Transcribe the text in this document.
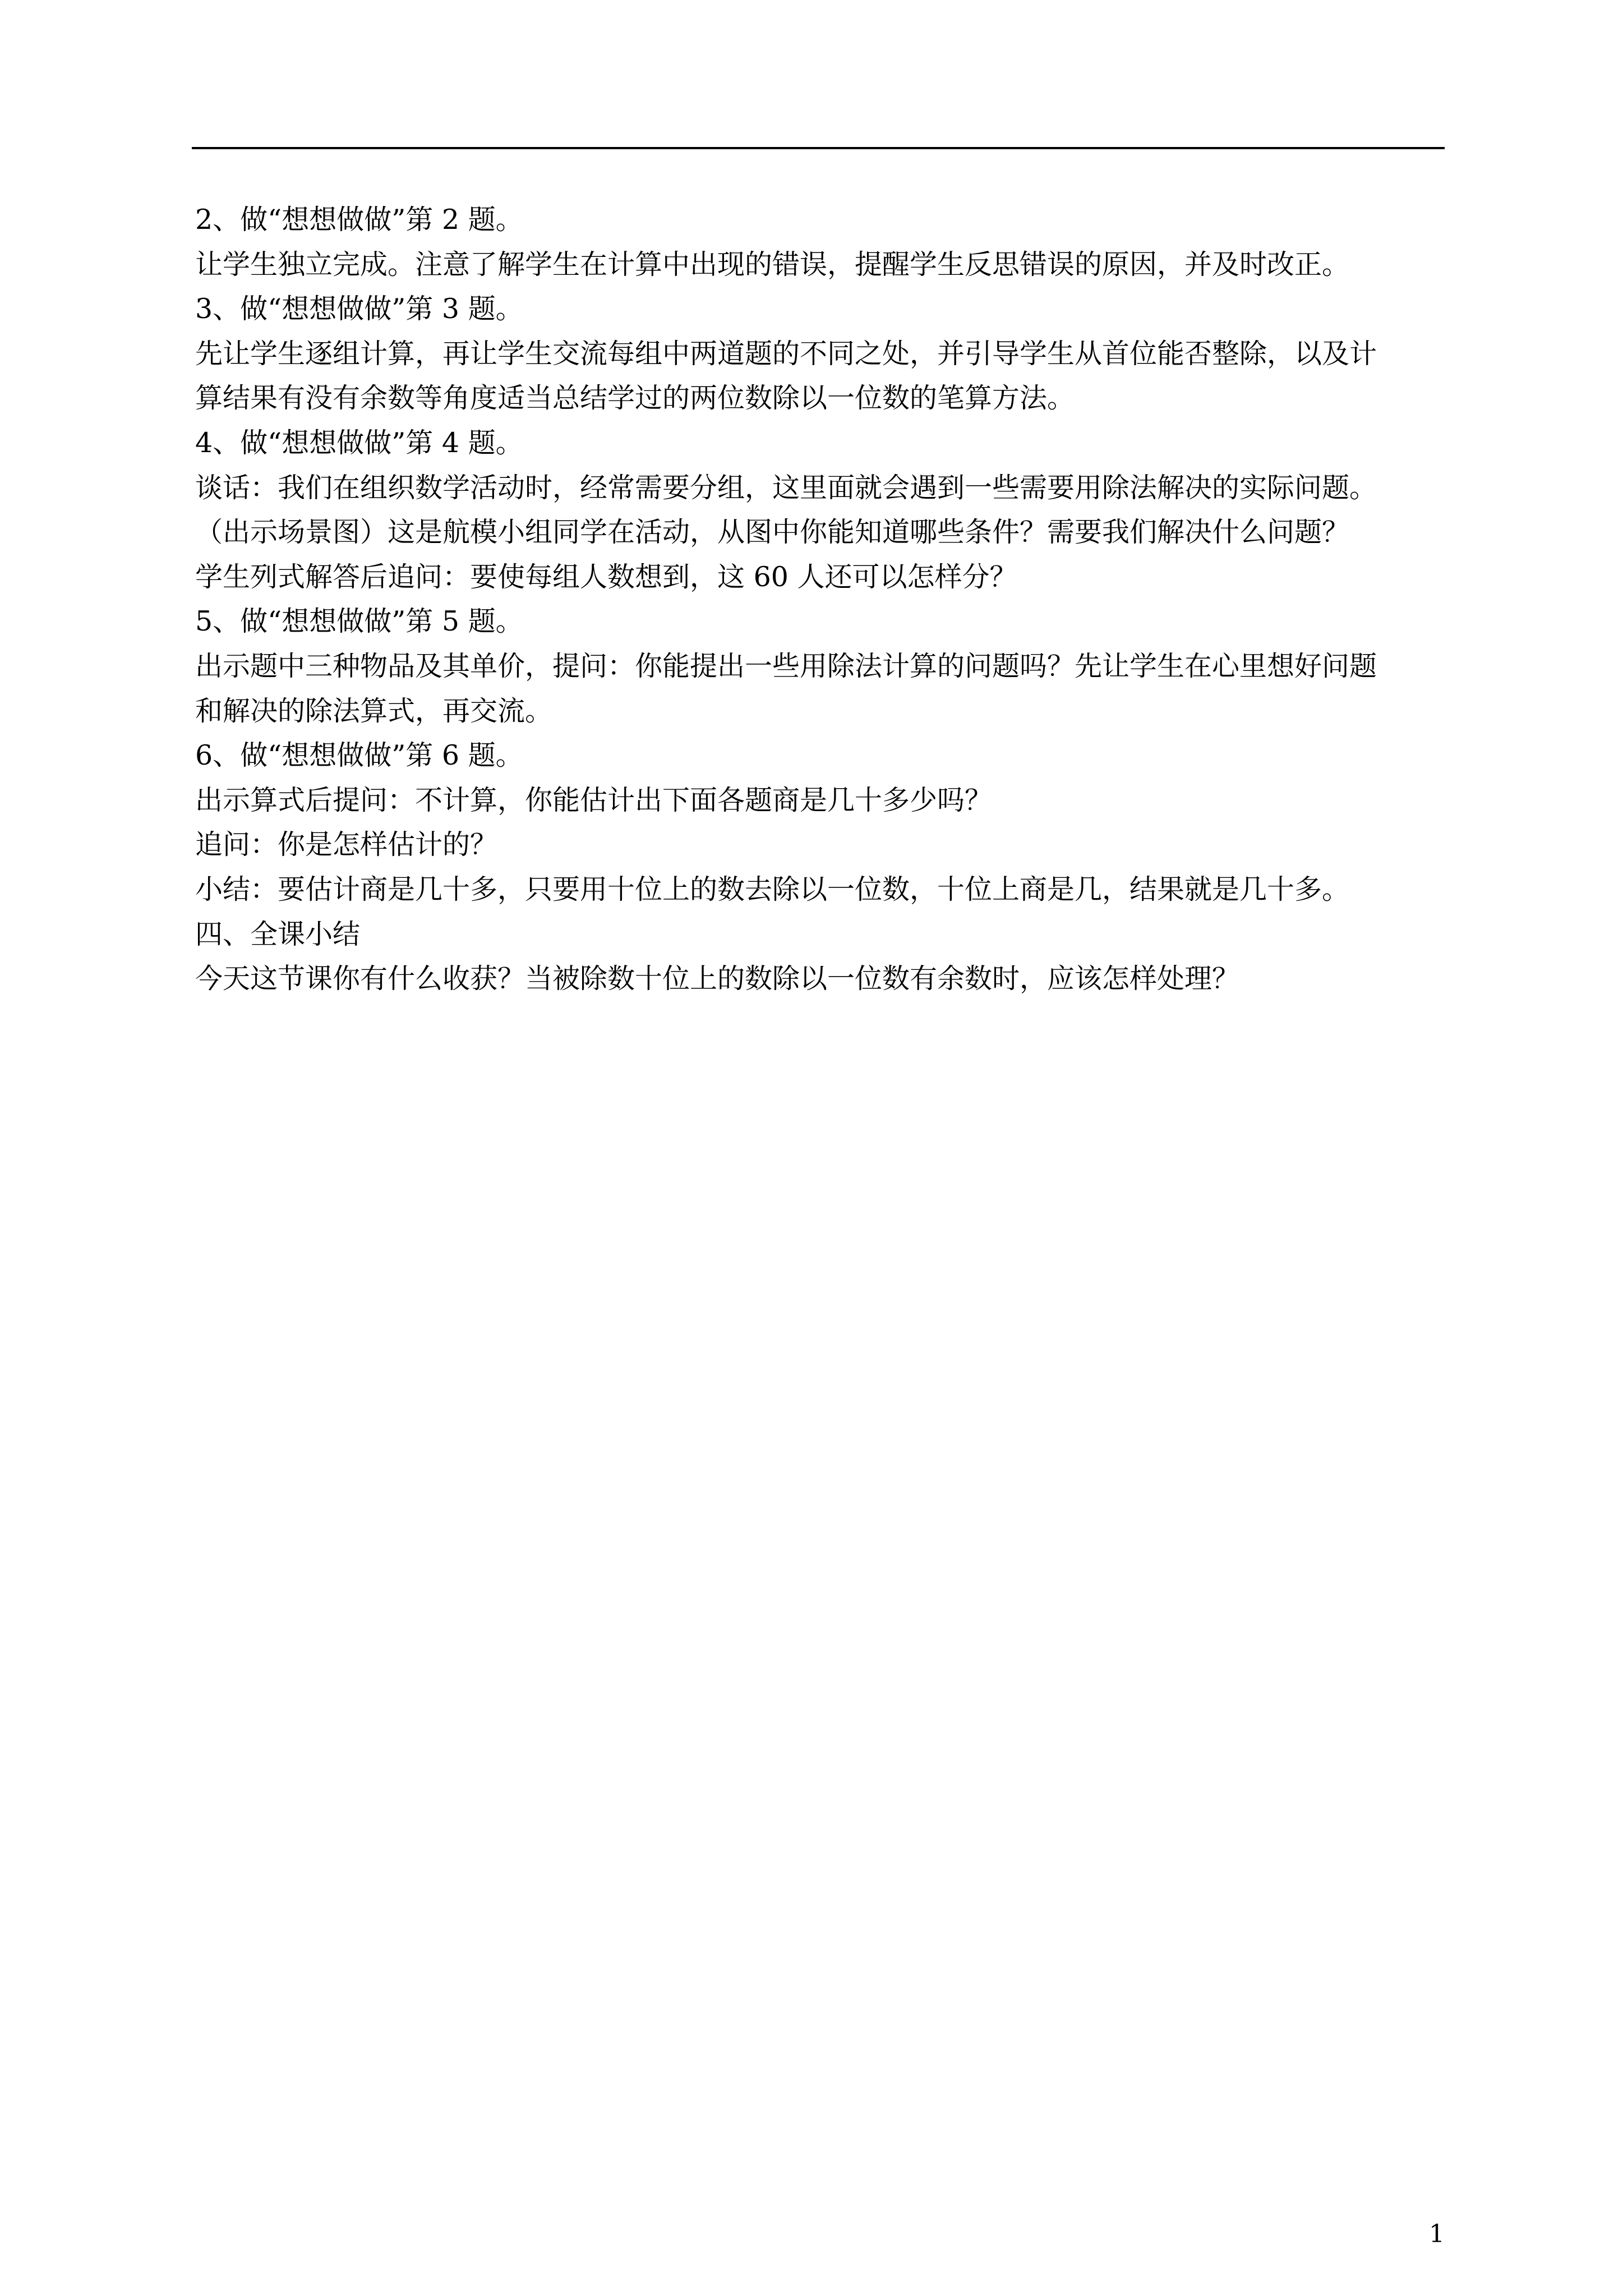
2、做“想想做做”第 2 题。
让学生独立完成。注意了解学生在计算中出现的错误，提醒学生反思错误的原因，并及时改正。
3、做“想想做做”第 3 题。
先让学生逐组计算，再让学生交流每组中两道题的不同之处，并引导学生从首位能否整除，以及计
算结果有没有余数等角度适当总结学过的两位数除以一位数的笔算方法。
4、做“想想做做”第 4 题。
谈话：我们在组织数学活动时，经常需要分组，这里面就会遇到一些需要用除法解决的实际问题。
（出示场景图）这是航模小组同学在活动，从图中你能知道哪些条件？需要我们解决什么问题？
学生列式解答后追问：要使每组人数想到，这 60 人还可以怎样分？
5、做“想想做做”第 5 题。
出示题中三种物品及其单价，提问：你能提出一些用除法计算的问题吗？先让学生在心里想好问题
和解决的除法算式，再交流。
6、做“想想做做”第 6 题。
出示算式后提问：不计算，你能估计出下面各题商是几十多少吗？
追问：你是怎样估计的？
小结：要估计商是几十多，只要用十位上的数去除以一位数，十位上商是几，结果就是几十多。
四、全课小结
今天这节课你有什么收获？当被除数十位上的数除以一位数有余数时，应该怎样处理？
1
